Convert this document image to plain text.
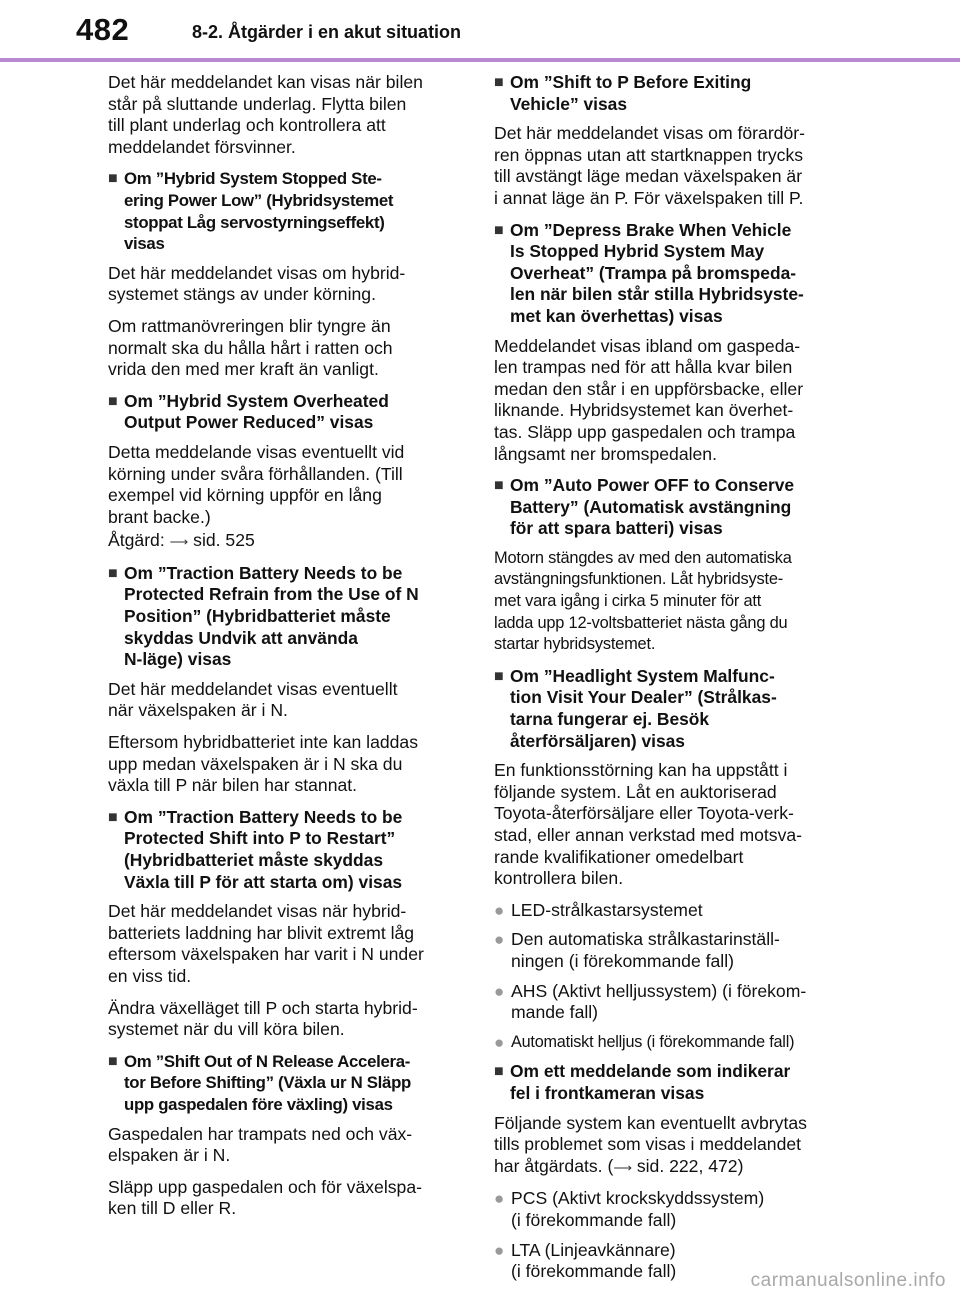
482	8-2. Åtgärder i en akut situation

Det här meddelandet kan visas när bilen
står på sluttande underlag. Flytta bilen
till plant underlag och kontrollera att
meddelandet försvinner.

■ Om ”Hybrid System Stopped Ste-
ering Power Low” (Hybridsystemet
stoppat Låg servostyrningseffekt)
visas

Det här meddelandet visas om hybrid-
systemet stängs av under körning.

Om rattmanövreringen blir tyngre än
normalt ska du hålla hårt i ratten och
vrida den med mer kraft än vanligt.

■ Om ”Hybrid System Overheated
Output Power Reduced” visas

Detta meddelande visas eventuellt vid
körning under svåra förhållanden. (Till
exempel vid körning uppför en lång
brant backe.)

Åtgärd: ⟶ sid. 525

■ Om ”Traction Battery Needs to be
Protected Refrain from the Use of N
Position” (Hybridbatteriet måste
skyddas Undvik att använda
N-läge) visas

Det här meddelandet visas eventuellt
när växelspaken är i N.

Eftersom hybridbatteriet inte kan laddas
upp medan växelspaken är i N ska du
växla till P när bilen har stannat.

■ Om ”Traction Battery Needs to be
Protected Shift into P to Restart”
(Hybridbatteriet måste skyddas
Växla till P för att starta om) visas

Det här meddelandet visas när hybrid-
batteriets laddning har blivit extremt låg
eftersom växelspaken har varit i N under
en viss tid.

Ändra växelläget till P och starta hybrid-
systemet när du vill köra bilen.

■ Om ”Shift Out of N Release Accelera-
tor Before Shifting” (Växla ur N Släpp
upp gaspedalen före växling) visas

Gaspedalen har trampats ned och väx-
elspaken är i N.

Släpp upp gaspedalen och för växelspa-
ken till D eller R.

■ Om ”Shift to P Before Exiting
Vehicle” visas

Det här meddelandet visas om förardör-
ren öppnas utan att startknappen trycks
till avstängt läge medan växelspaken är
i annat läge än P. För växelspaken till P.

■ Om ”Depress Brake When Vehicle
Is Stopped Hybrid System May
Overheat” (Trampa på bromspeda-
len när bilen står stilla Hybridsyste-
met kan överhettas) visas

Meddelandet visas ibland om gaspeda-
len trampas ned för att hålla kvar bilen
medan den står i en uppförsbacke, eller
liknande. Hybridsystemet kan överhet-
tas. Släpp upp gaspedalen och trampa
långsamt ner bromspedalen.

■ Om ”Auto Power OFF to Conserve
Battery” (Automatisk avstängning
för att spara batteri) visas

Motorn stängdes av med den automatiska
avstängningsfunktionen. Låt hybridsyste-
met vara igång i cirka 5 minuter för att
ladda upp 12-voltsbatteriet nästa gång du
startar hybridsystemet.

■ Om ”Headlight System Malfunc-
tion Visit Your Dealer” (Strålkas-
tarna fungerar ej. Besök
återförsäljaren) visas

En funktionsstörning kan ha uppstått i
följande system. Låt en auktoriserad
Toyota-återförsäljare eller Toyota-verk-
stad, eller annan verkstad med motsva-
rande kvalifikationer omedelbart
kontrollera bilen.

● LED-strålkastarsystemet
● Den automatiska strålkastarinställ-
ningen (i förekommande fall)
● AHS (Aktivt helljussystem) (i förekom-
mande fall)
● Automatiskt helljus (i förekommande fall)
■ Om ett meddelande som indikerar
fel i frontkameran visas

Följande system kan eventuellt avbrytas
tills problemet som visas i meddelandet
har åtgärdats. (⟶ sid. 222, 472)

● PCS (Aktivt krockskyddssystem)
(i förekommande fall)
● LTA (Linjeavkännare)
(i förekommande fall)	carmanualsonline.info
